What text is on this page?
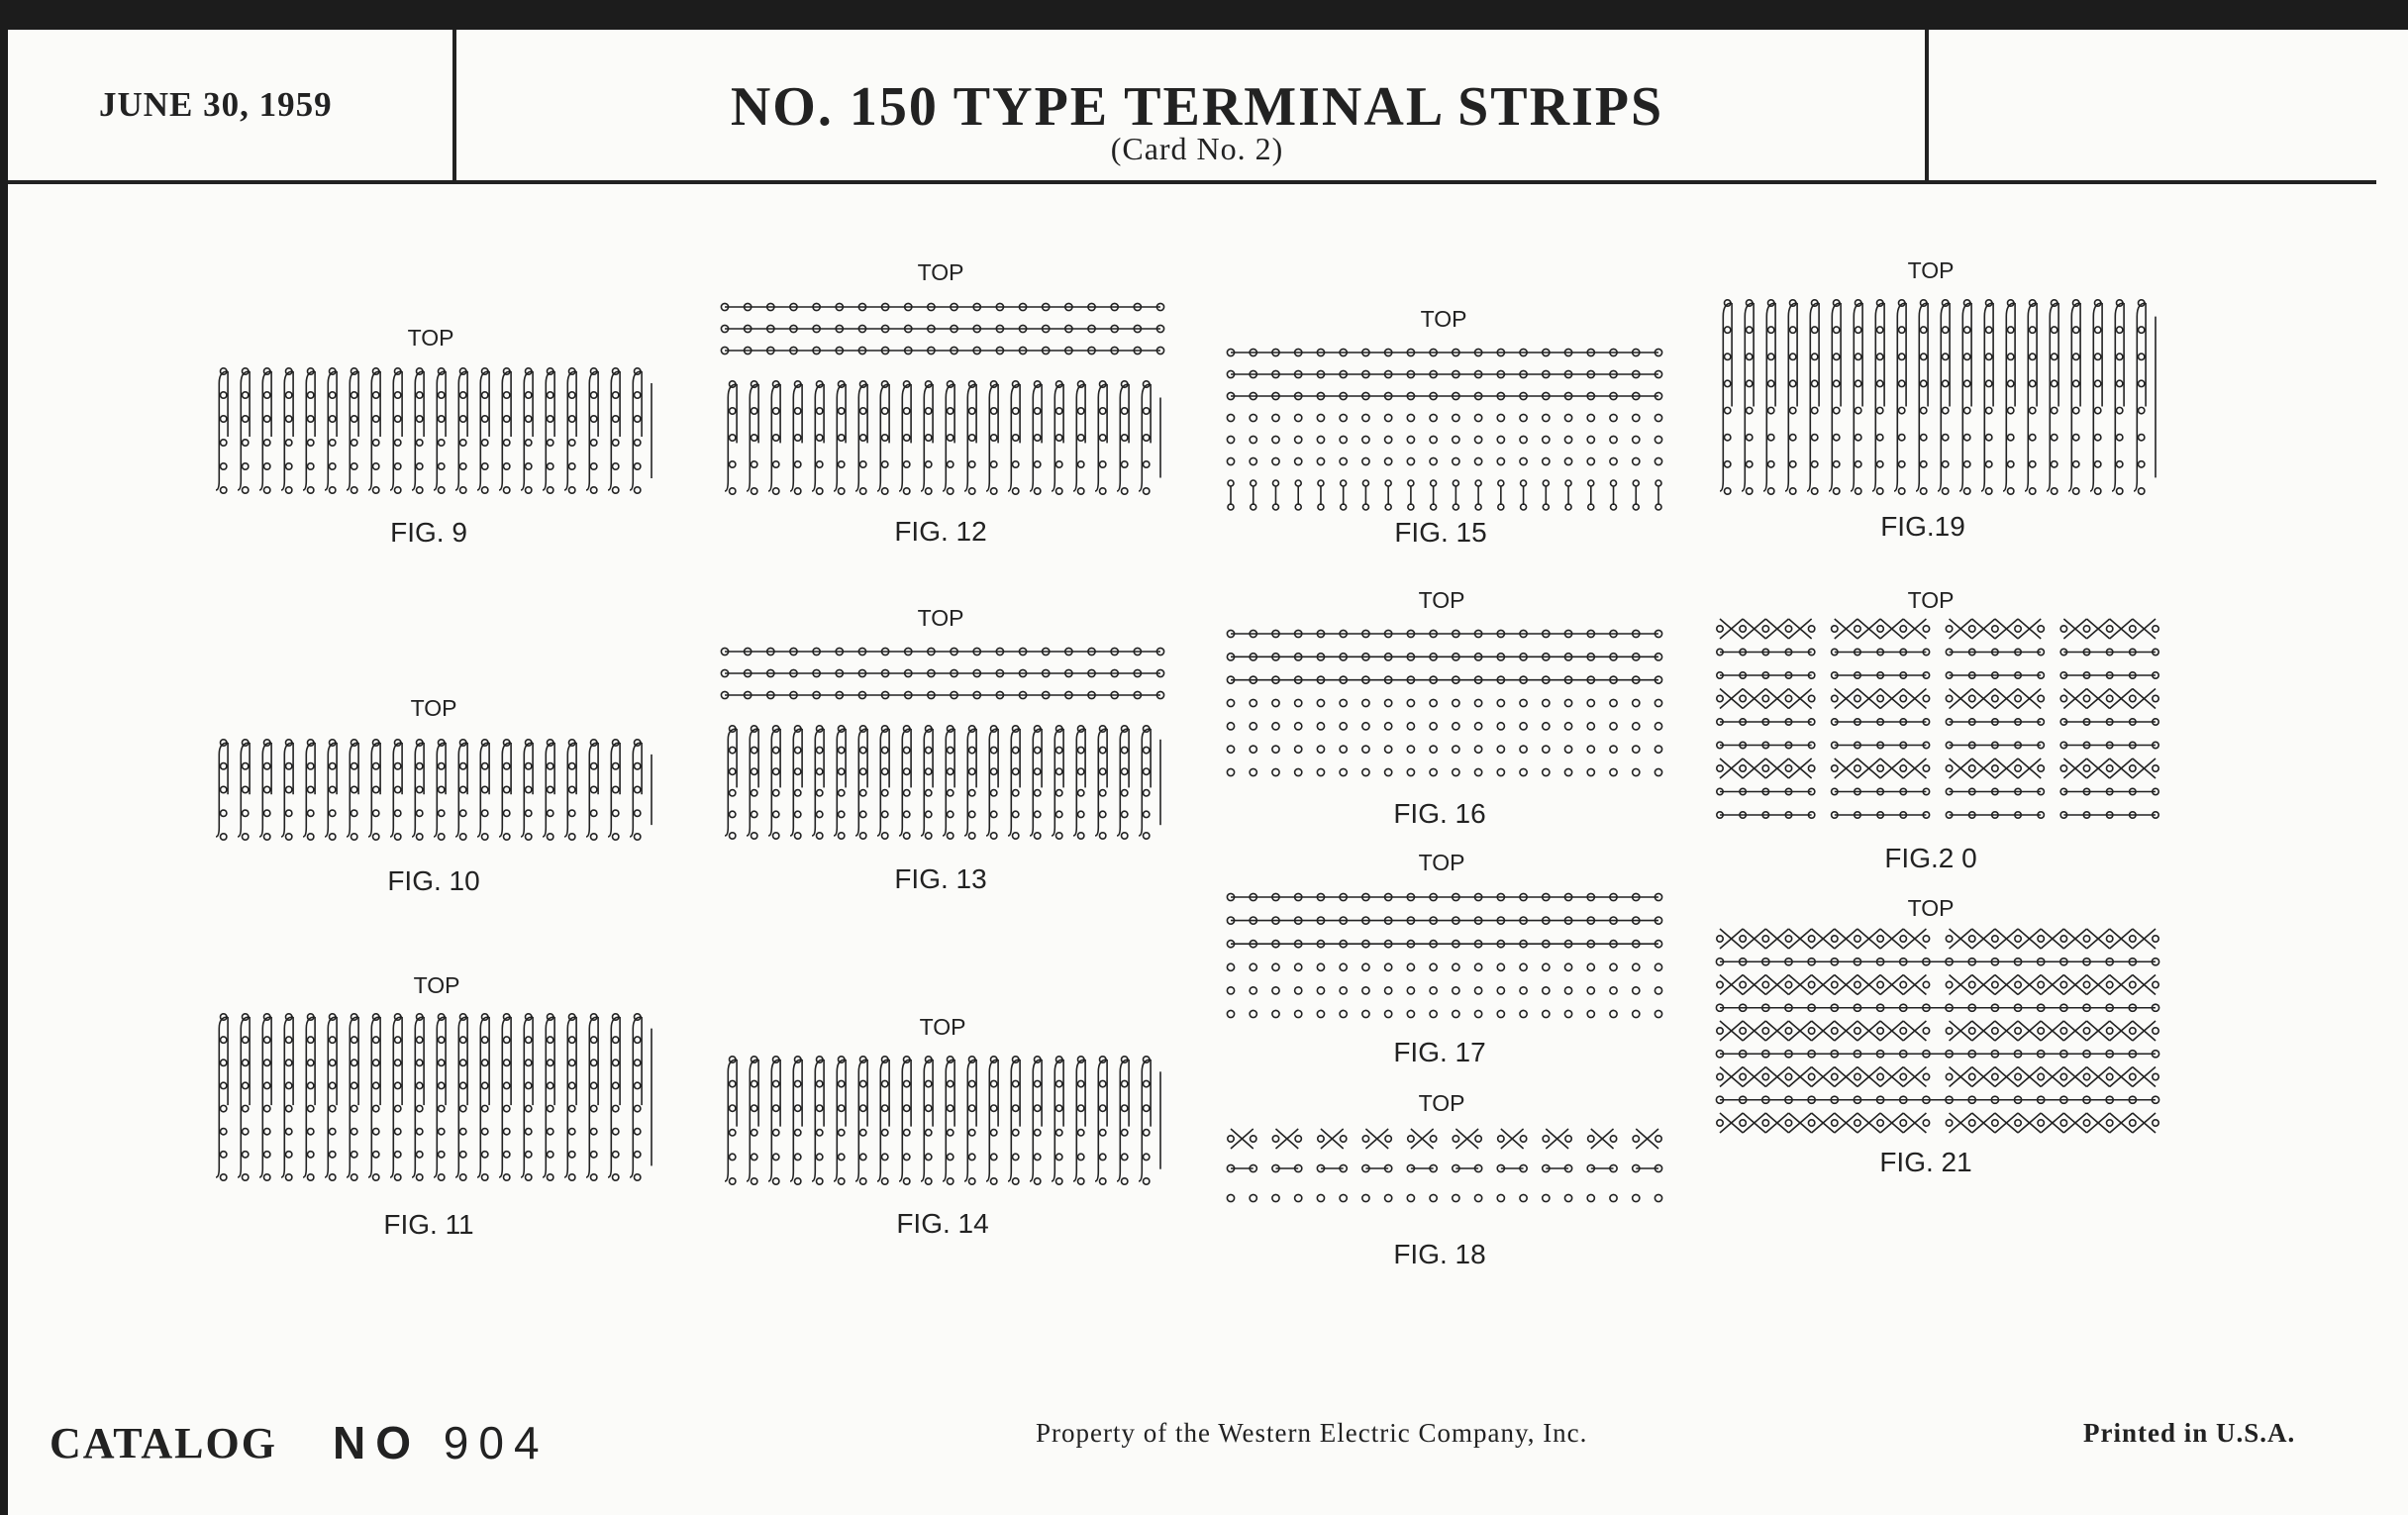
JUNE 30, 1959	NO. 150 TYPE TERMINAL STRIPS
(Card No. 2)
TOP
FIG. 9
TOP
FIG. 10
TOP
FIG. 11
TOP
FIG. 12
TOP
FIG. 13
TOP
FIG. 14
TOP
FIG. 15
TOP
FIG. 16
TOP
FIG. 17
TOP
FIG. 18
TOP
FIG.19
TOP
FIG.2 0
TOP
FIG. 21
CATALOG NO 904	Property of the Western Electric Company, Inc.	Printed in U.S.A.
